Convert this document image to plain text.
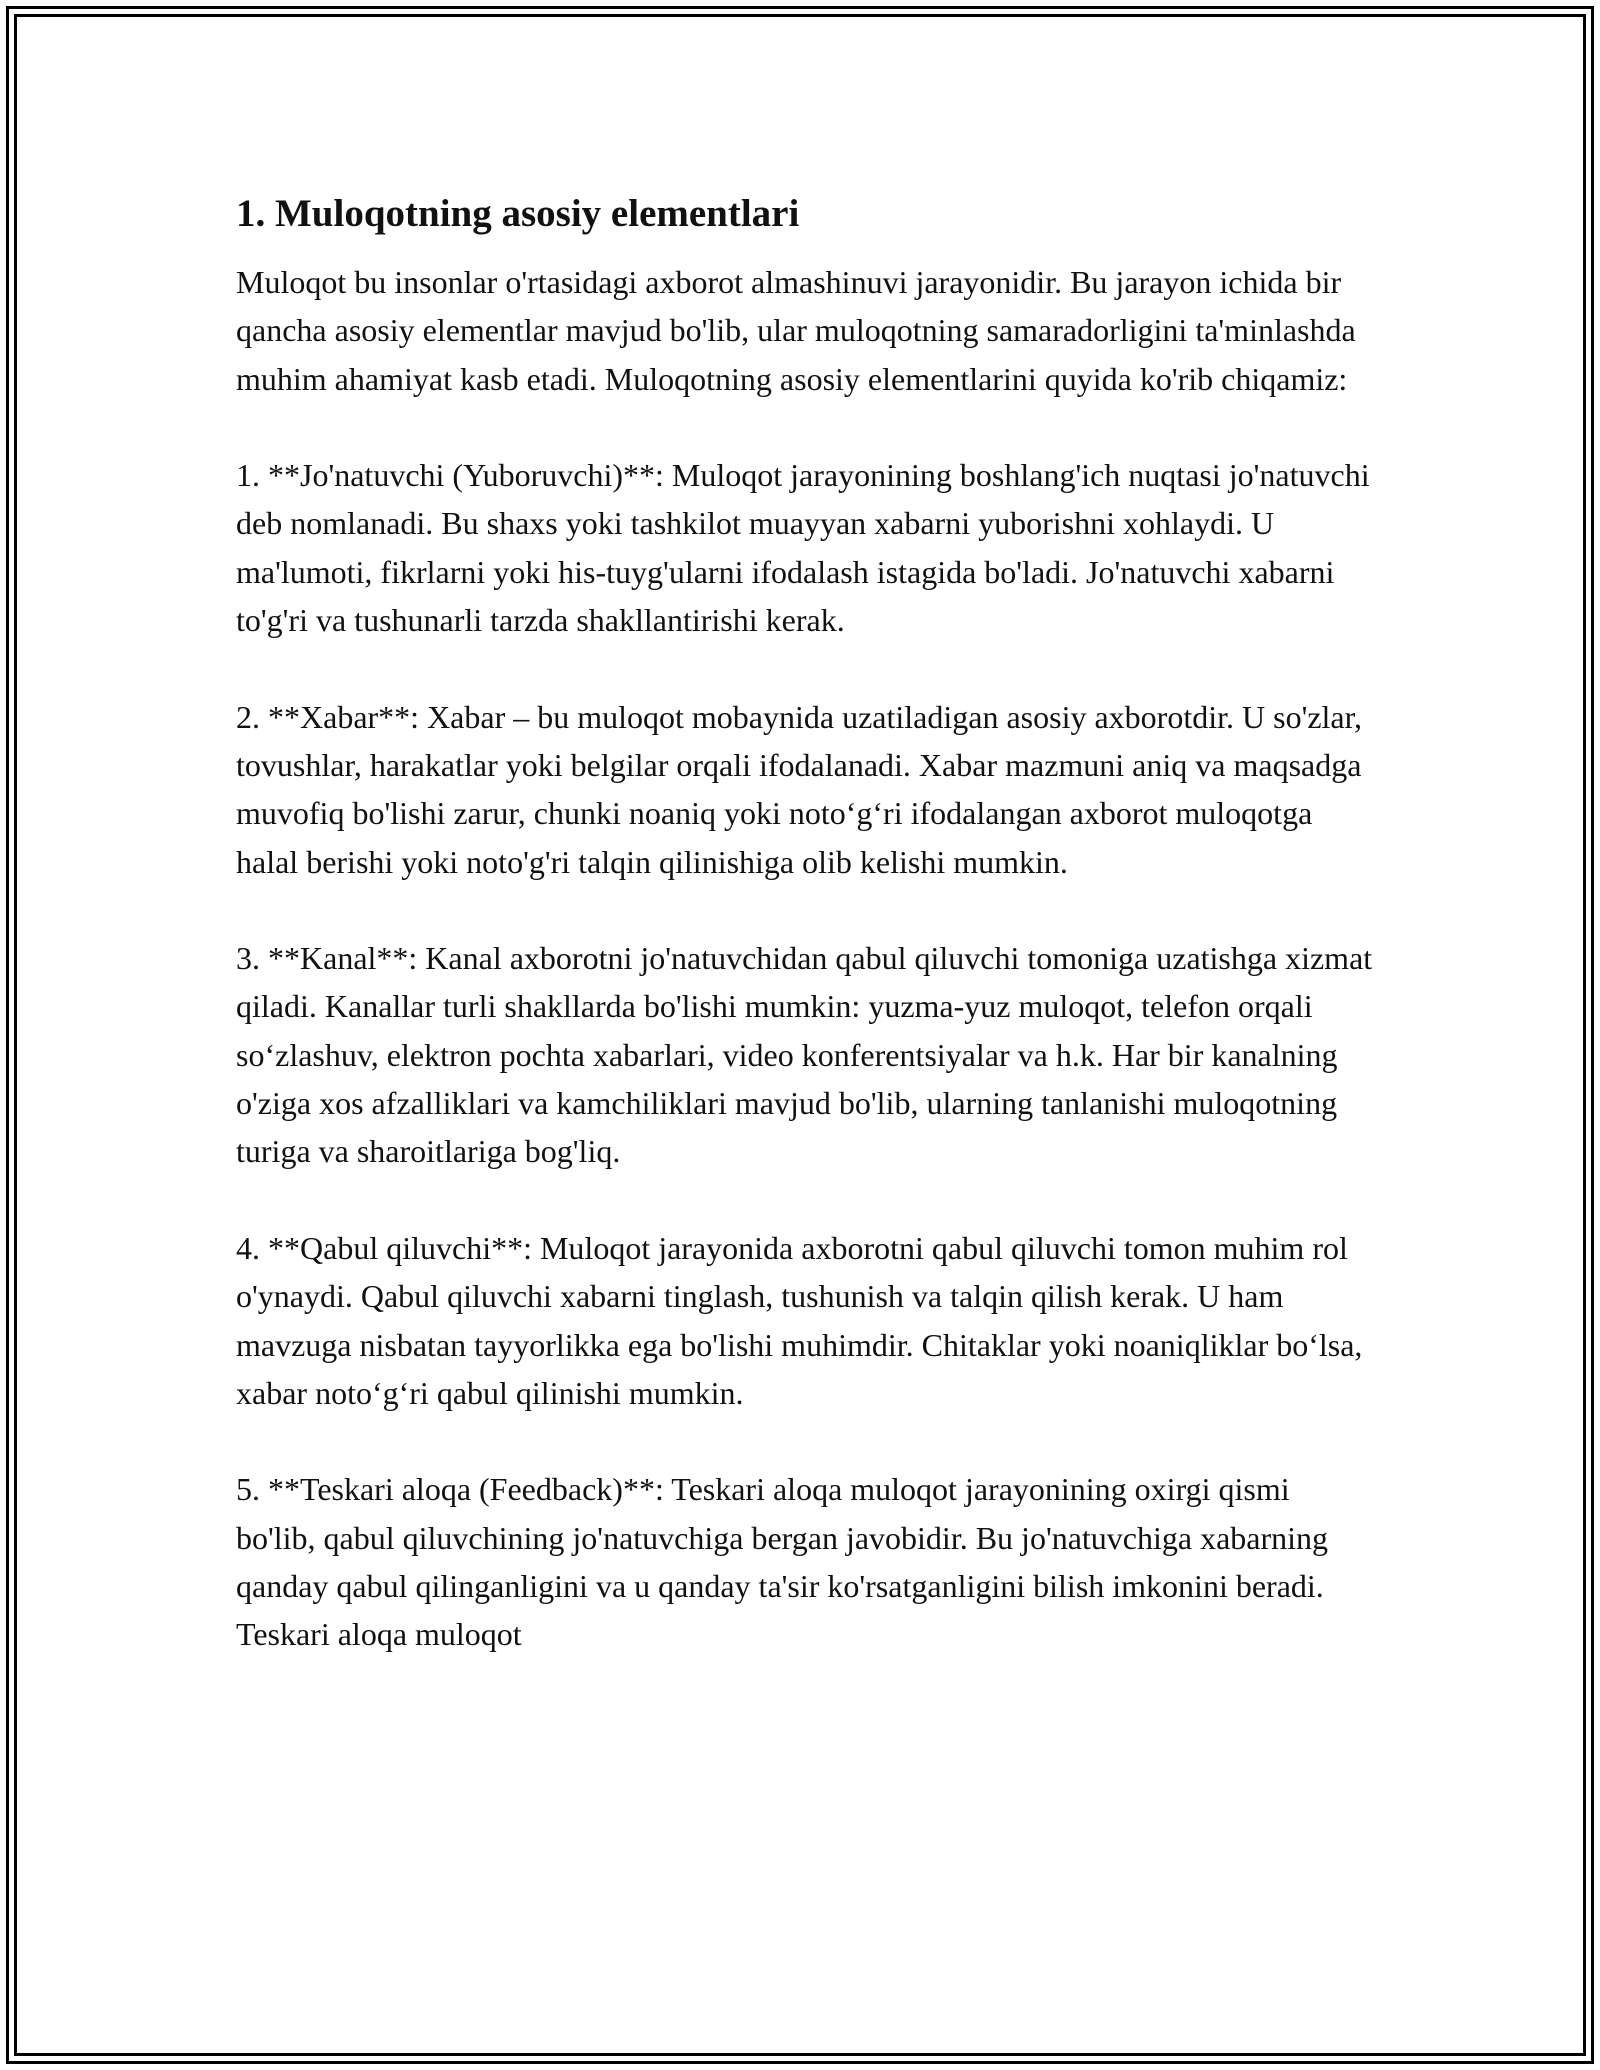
1. Muloqotning asosiy elementlari

Muloqot bu insonlar o'rtasidagi axborot almashinuvi jarayonidir. Bu jarayon ichida bir qancha asosiy elementlar mavjud bo'lib, ular muloqotning samaradorligini ta'minlashda muhim ahamiyat kasb etadi. Muloqotning asosiy elementlarini quyida ko'rib chiqamiz:

1. **Jo'natuvchi (Yuboruvchi)**: Muloqot jarayonining boshlang'ich nuqtasi jo'natuvchi deb nomlanadi. Bu shaxs yoki tashkilot muayyan xabarni yuborishni xohlaydi. U ma'lumoti, fikrlarni yoki his-tuyg'ularni ifodalash istagida bo'ladi. Jo'natuvchi xabarni to'g'ri va tushunarli tarzda shakllantirishi kerak.

2. **Xabar**: Xabar – bu muloqot mobaynida uzatiladigan asosiy axborotdir. U so'zlar, tovushlar, harakatlar yoki belgilar orqali ifodalanadi. Xabar mazmuni aniq va maqsadga muvofiq bo'lishi zarur, chunki noaniq yoki noto‘g‘ri ifodalangan axborot muloqotga halal berishi yoki noto'g'ri talqin qilinishiga olib kelishi mumkin.

3. **Kanal**: Kanal axborotni jo'natuvchidan qabul qiluvchi tomoniga uzatishga xizmat qiladi. Kanallar turli shakllarda bo'lishi mumkin: yuzma-yuz muloqot, telefon orqali so‘zlashuv, elektron pochta xabarlari, video konferentsiyalar va h.k. Har bir kanalning o'ziga xos afzalliklari va kamchiliklari mavjud bo'lib, ularning tanlanishi muloqotning turiga va sharoitlariga bog'liq.

4. **Qabul qiluvchi**: Muloqot jarayonida axborotni qabul qiluvchi tomon muhim rol o'ynaydi. Qabul qiluvchi xabarni tinglash, tushunish va talqin qilish kerak. U ham mavzuga nisbatan tayyorlikka ega bo'lishi muhimdir. Chitaklar yoki noaniqliklar bo‘lsa, xabar noto‘g‘ri qabul qilinishi mumkin.

5. **Teskari aloqa (Feedback)**: Teskari aloqa muloqot jarayonining oxirgi qismi bo'lib, qabul qiluvchining jo'natuvchiga bergan javobidir. Bu jo'natuvchiga xabarning qanday qabul qilinganligini va u qanday ta'sir ko'rsatganligini bilish imkonini beradi. Teskari aloqa muloqot
